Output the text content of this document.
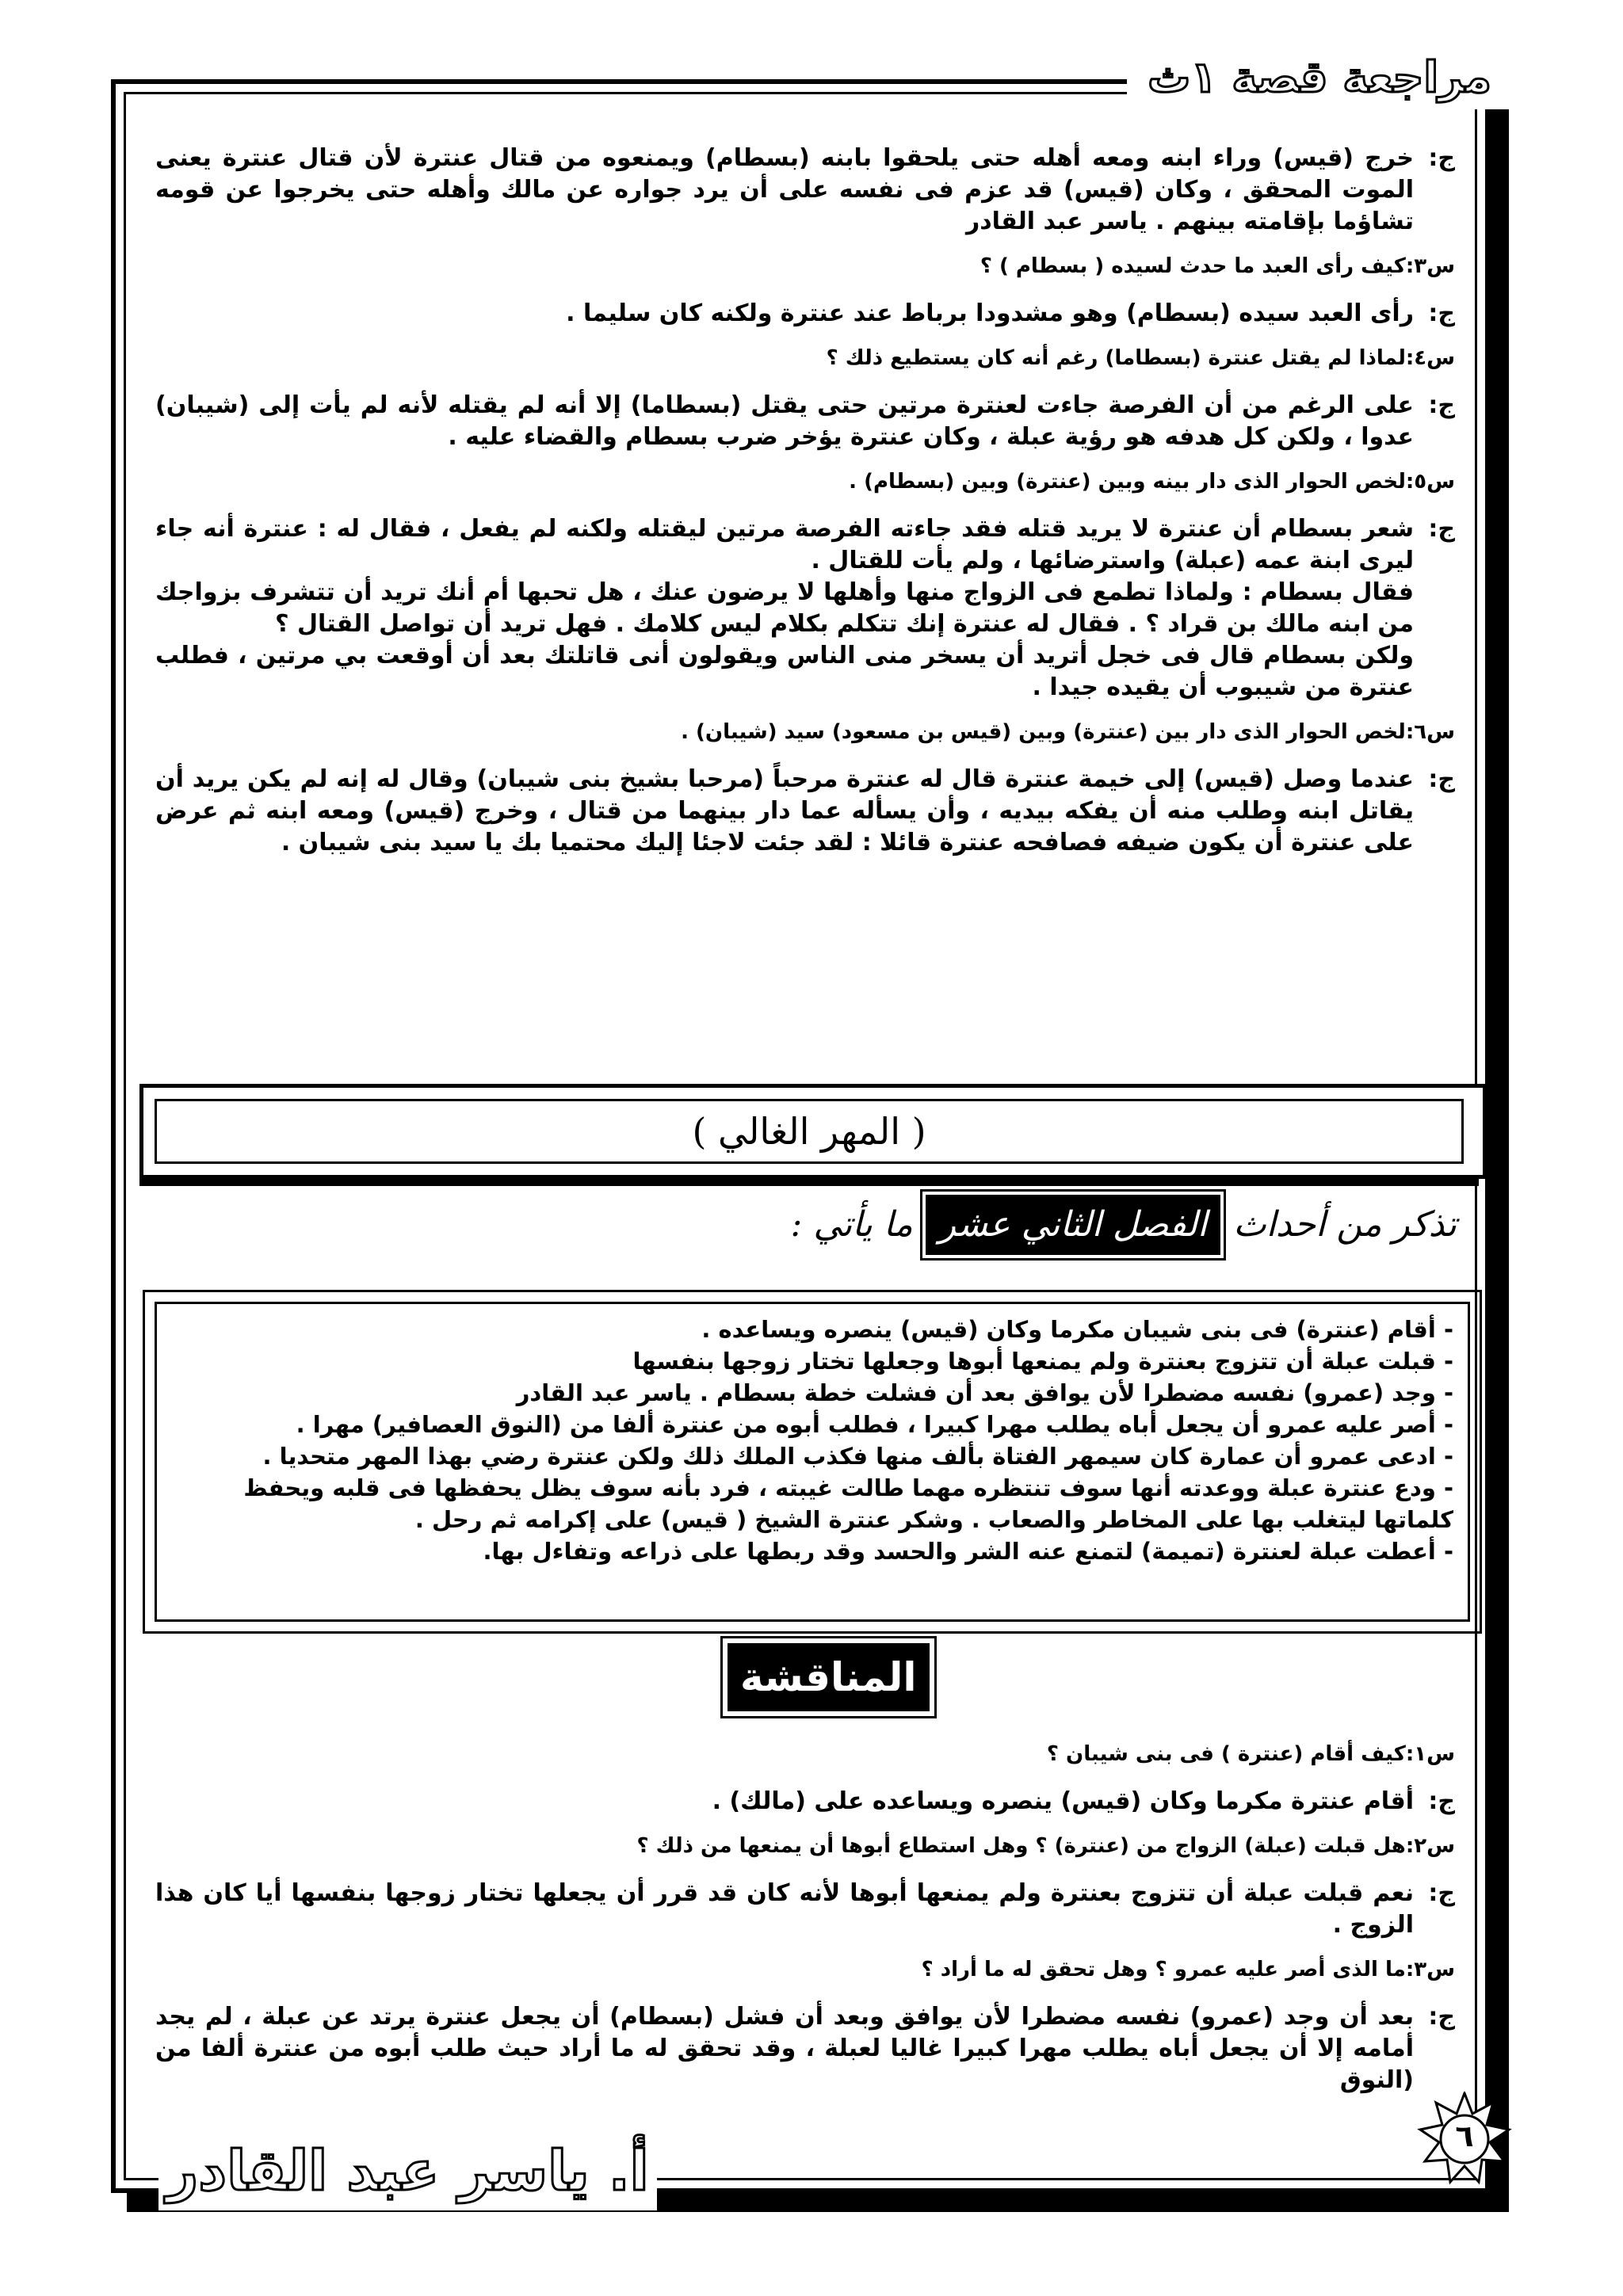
مراجعة قصة ١ث
ج:
خرج (قيس) وراء ابنه ومعه أهله حتى يلحقوا بابنه (بسطام) ويمنعوه من قتال عنترة لأن قتال عنترة يعنى الموت المحقق ، وكان (قيس) قد عزم فى نفسه على أن يرد جواره عن مالك وأهله حتى يخرجوا عن قومه تشاؤما بإقامته بينهم . ياسر عبد القادر
س٣:
كيف رأى العبد ما حدث لسيده ( بسطام ) ؟
ج:
رأى العبد سيده (بسطام) وهو مشدودا برباط عند عنترة ولكنه كان سليما .
س٤:
لماذا لم يقتل عنترة (بسطاما) رغم أنه كان يستطيع ذلك ؟
ج:
على الرغم من أن الفرصة جاءت لعنترة مرتين حتى يقتل (بسطاما) إلا أنه لم يقتله لأنه لم يأت إلى (شيبان) عدوا ، ولكن كل هدفه هو رؤية عبلة ، وكان عنترة يؤخر ضرب بسطام والقضاء عليه .
س٥:
لخص الحوار الذى دار بينه وبين (عنترة) وبين (بسطام) .
ج:
شعر بسطام أن عنترة لا يريد قتله فقد جاءته الفرصة مرتين ليقتله ولكنه لم يفعل ، فقال له : عنترة أنه جاء ليرى ابنة عمه (عبلة) واسترضائها ، ولم يأت للقتال .
فقال بسطام : ولماذا تطمع فى الزواج منها وأهلها لا يرضون عنك ، هل تحبها أم أنك تريد أن تتشرف بزواجك من ابنه مالك بن قراد ؟ . فقال له عنترة إنك تتكلم بكلام ليس كلامك . فهل تريد أن تواصل القتال ؟
ولكن بسطام قال فى خجل أتريد أن يسخر منى الناس ويقولون أنى قاتلتك بعد أن أوقعت بي مرتين ، فطلب عنترة من شيبوب أن يقيده جيدا .
س٦:
لخص الحوار الذى دار بين (عنترة) وبين (قيس بن مسعود) سيد (شيبان) .
ج:
عندما وصل (قيس) إلى خيمة عنترة قال له عنترة مرحباً (مرحبا بشيخ بنى شيبان) وقال له إنه لم يكن يريد أن يقاتل ابنه وطلب منه أن يفكه بيديه ، وأن يسأله عما دار بينهما من قتال ، وخرج (قيس) ومعه ابنه ثم عرض على عنترة أن يكون ضيفه فصافحه عنترة قائلا : لقد جئت لاجئا إليك محتميا بك يا سيد بنى شيبان .
( المهر الغالي )
تذكر من أحداث
الفصل الثاني عشر
ما يأتي :

- أقام (عنترة) فى بنى شيبان مكرما وكان (قيس) ينصره ويساعده .

- قبلت عبلة أن تتزوج بعنترة ولم يمنعها أبوها وجعلها تختار زوجها بنفسها

- وجد (عمرو) نفسه مضطرا لأن يوافق بعد أن فشلت خطة بسطام . ياسر عبد القادر

- أصر عليه عمرو أن يجعل أباه يطلب مهرا كبيرا ، فطلب أبوه من عنترة ألفا من (النوق العصافير) مهرا .

- ادعى عمرو أن عمارة كان سيمهر الفتاة بألف منها فكذب الملك ذلك ولكن عنترة رضي بهذا المهر متحديا .

- ودع عنترة عبلة ووعدته أنها سوف تنتظره مهما طالت غيبته ، فرد بأنه سوف يظل يحفظها فى قلبه ويحفظ كلماتها ليتغلب بها على المخاطر والصعاب . وشكر عنترة الشيخ ( قيس) على إكرامه ثم رحل .

- أعطت عبلة لعنترة (تميمة) لتمنع عنه الشر والحسد وقد ربطها على ذراعه وتفاءل بها.

المناقشة
س١:
كيف أقام (عنترة ) فى بنى شيبان ؟
ج:
أقام عنترة مكرما وكان (قيس) ينصره ويساعده على (مالك) .
س٢:
هل قبلت (عبلة) الزواج من (عنترة) ؟ وهل استطاع أبوها أن يمنعها من ذلك ؟
ج:
نعم قبلت عبلة أن تتزوج بعنترة ولم يمنعها أبوها لأنه كان قد قرر أن يجعلها تختار زوجها بنفسها أيا كان هذا الزوج .
س٣:
ما الذى أصر عليه عمرو ؟ وهل تحقق له ما أراد ؟
ج:
بعد أن وجد (عمرو) نفسه مضطرا لأن يوافق وبعد أن فشل (بسطام) أن يجعل عنترة يرتد عن عبلة ، لم يجد أمامه إلا أن يجعل أباه يطلب مهرا كبيرا غاليا لعبلة ، وقد تحقق له ما أراد حيث طلب أبوه من عنترة ألفا من (النوق
أ. ياسر عبد القادر
٦
